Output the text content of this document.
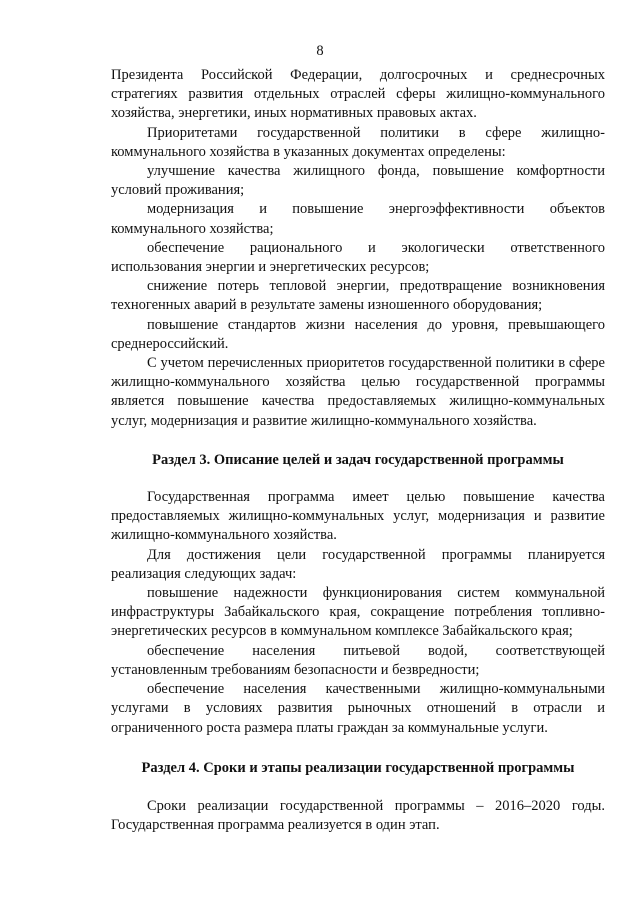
8

Президента Российской Федерации, долгосрочных и среднесрочных стратегиях развития отдельных отраслей сферы жилищно-коммунального хозяйства, энергетики, иных нормативных правовых актах.

Приоритетами государственной политики в сфере жилищно-коммунального хозяйства в указанных документах определены:

улучшение качества жилищного фонда, повышение комфортности условий проживания;

модернизация и повышение энергоэффективности объектов коммунального хозяйства;

обеспечение рационального и экологически ответственного использования энергии и энергетических ресурсов;

снижение потерь тепловой энергии, предотвращение возникновения техногенных аварий в результате замены изношенного оборудования;

повышение стандартов жизни населения до уровня, превышающего среднероссийский.

С учетом перечисленных приоритетов государственной политики в сфере жилищно-коммунального хозяйства целью государственной программы является повышение качества предоставляемых жилищно-коммунальных услуг, модернизация и развитие жилищно-коммунального хозяйства.

Раздел 3. Описание целей и задач государственной программы

Государственная программа имеет целью повышение качества предоставляемых жилищно-коммунальных услуг, модернизация и развитие жилищно-коммунального хозяйства.

Для достижения цели государственной программы планируется реализация следующих задач:

повышение надежности функционирования систем коммунальной инфраструктуры Забайкальского края, сокращение потребления топливно-энергетических ресурсов в коммунальном комплексе Забайкальского края;

обеспечение населения питьевой водой, соответствующей установленным требованиям безопасности и безвредности;

обеспечение населения качественными жилищно-коммунальными услугами в условиях развития рыночных отношений в отрасли и ограниченного роста размера платы граждан за коммунальные услуги.

Раздел 4. Сроки и этапы реализации государственной программы

Сроки реализации государственной программы – 2016–2020 годы. Государственная программа реализуется в один этап.
